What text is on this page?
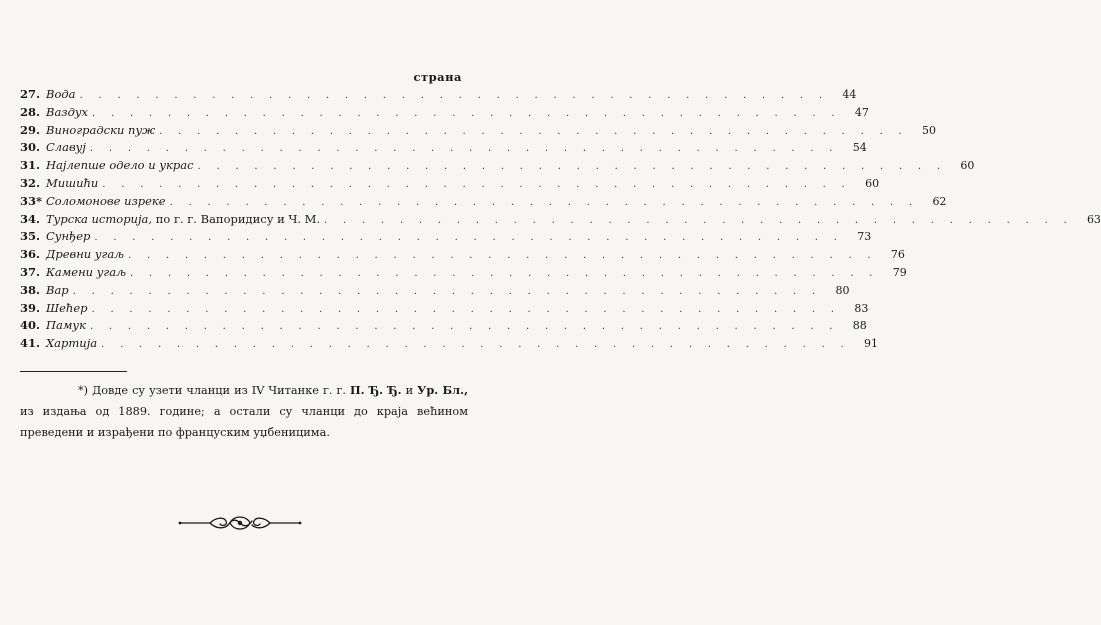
страна
27. Вода . . . . . . . . . . . . . . . . . . . . . . . . . . . . . . . . . . . . . . . .	44
28. Ваздух . . . . . . . . . . . . . . . . . . . . . . . . . . . . . . . . . . . . . . . .	47
29. Виноградски пуж . . . . . . . . . . . . . . . . . . . . . . . . . . . . . . . . . . . . . . . .	50
30. Славуј . . . . . . . . . . . . . . . . . . . . . . . . . . . . . . . . . . . . . . . .	54
31. Најлепше одело и украс . . . . . . . . . . . . . . . . . . . . . . . . . . . . . . . . . . . . . . . .	60
32. Мишиħи . . . . . . . . . . . . . . . . . . . . . . . . . . . . . . . . . . . . . . . .	60
33* Соломонове изреке . . . . . . . . . . . . . . . . . . . . . . . . . . . . . . . . . . . . . . . .	62
34. Турска историја, по г. г. Вапоридису и Ч. М. . . . . . . . . . . . . . . . . . . . . . . . . . . . . . . . . . . . . . . . .	63
35. Сунђер . . . . . . . . . . . . . . . . . . . . . . . . . . . . . . . . . . . . . . . .	73
36. Древни угаљ . . . . . . . . . . . . . . . . . . . . . . . . . . . . . . . . . . . . . . . .	76
37. Камени угаљ . . . . . . . . . . . . . . . . . . . . . . . . . . . . . . . . . . . . . . . .	79
38. Вар . . . . . . . . . . . . . . . . . . . . . . . . . . . . . . . . . . . . . . . .	80
39. Шеħер . . . . . . . . . . . . . . . . . . . . . . . . . . . . . . . . . . . . . . . .	83
40. Памук . . . . . . . . . . . . . . . . . . . . . . . . . . . . . . . . . . . . . . . .	88
41. Хартија . . . . . . . . . . . . . . . . . . . . . . . . . . . . . . . . . . . . . . . .	91
*) Довде су узети чланци из IV Читанке г. г. П. Ђ. Ђ. и Ур. Бл., из издања од 1889. године; а остали су чланци до краја веħином преведени и израђени по француским уџбеницима.
